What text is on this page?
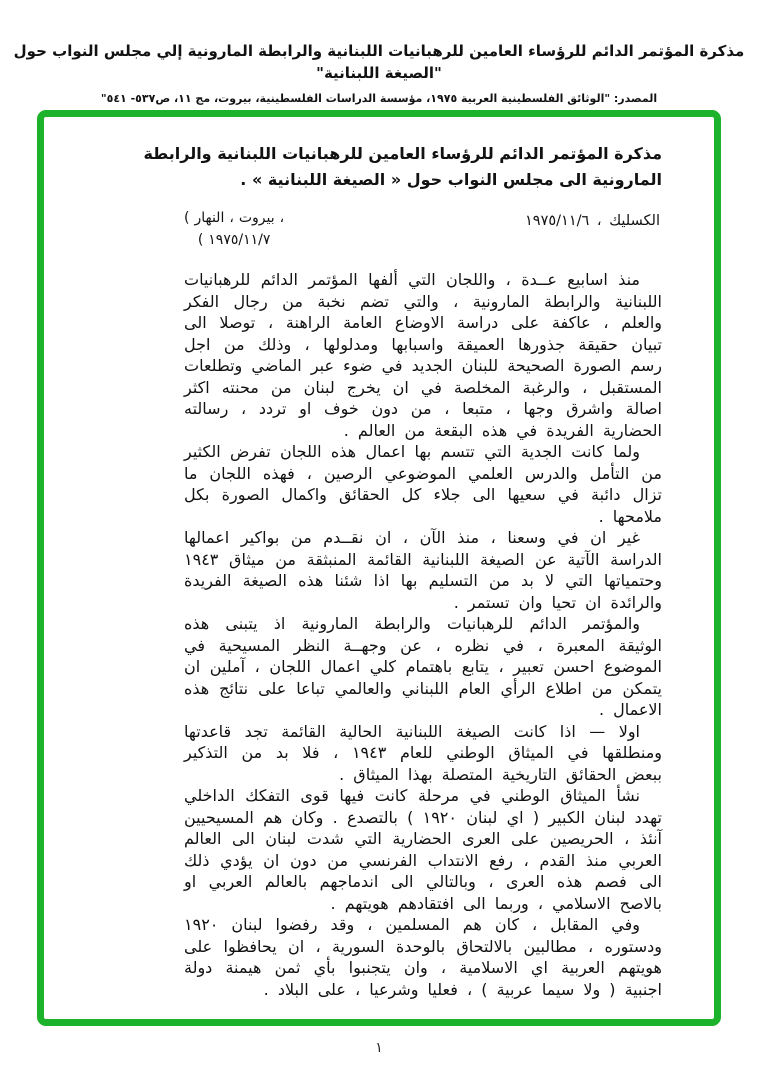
مذكرة المؤتمر الدائم للرؤساء العامين للرهبانيات اللبنانية والرابطة المارونية إلي مجلس النواب حول "الصيغة اللبنانية"
المصدر: "الوثائق الفلسطينية العربية ١٩٧٥، مؤسسة الدراسات الفلسطينية، بيروت، مج ١١، ص٥٣٧- ٥٤١"
مذكرة المؤتمر الدائم للرؤساء العامين للرهبانيات اللبنانية والرابطة
المارونية الى مجلس النواب حول « الصيغة اللبنانية » .
الكسليك ، ١٩٧٥/١١/٦
( النهار ، بيروت ،
( ١٩٧٥/١١/٧

منذ اسابيع عــدة ، واللجان التي ألفها المؤتمر الدائم للرهبانيات اللبنانية والرابطة المارونية ، والتي تضم نخبة من رجال الفكر والعلم ، عاكفة على دراسة الاوضاع العامة الراهنة ، توصلا الى تبيان حقيقة جذورها العميقة واسبابها ومدلولها ، وذلك من اجل رسم الصورة الصحيحة للبنان الجديد في ضوء عبر الماضي وتطلعات المستقبل ، والرغبة المخلصة في ان يخرج لبنان من محنته اكثر اصالة واشرق وجها ، متبعا ، من دون خوف او تردد ، رسالته الحضارية الفريدة في هذه البقعة من العالم .

ولما كانت الجدية التي تتسم بها اعمال هذه اللجان تفرض الكثير من التأمل والدرس العلمي الموضوعي الرصين ، فهذه اللجان ما تزال دائبة في سعيها الى جلاء كل الحقائق واكمال الصورة بكل ملامحها .

غير ان في وسعنا ، منذ الآن ، ان نقــدم من بواكير اعمالها الدراسة الآتية عن الصيغة اللبنانية القائمة المنبثقة من ميثاق ١٩٤٣ وحتمياتها التي لا بد من التسليم بها اذا شئنا هذه الصيغة الفريدة والرائدة ان تحيا وان تستمر .

والمؤتمر الدائم للرهبانيات والرابطة المارونية اذ يتبنى هذه الوثيقة المعبرة ، في نظره ، عن وجهــة النظر المسيحية في الموضوع احسن تعبير ، يتابع باهتمام كلي اعمال اللجان ، آملين ان يتمكن من اطلاع الرأي العام اللبناني والعالمي تباعا على نتائج هذه الاعمال .

اولا — اذا كانت الصيغة اللبنانية الحالية القائمة تجد قاعدتها ومنطلقها في الميثاق الوطني للعام ١٩٤٣ ، فلا بد من التذكير ببعض الحقائق التاريخية المتصلة بهذا الميثاق .

نشأ الميثاق الوطني في مرحلة كانت فيها قوى التفكك الداخلي تهدد لبنان الكبير ( اي لبنان ١٩٢٠ ) بالتصدع . وكان هم المسيحيين آنئذ ، الحريصين على العرى الحضارية التي شدت لبنان الى العالم العربي منذ القدم ، رفع الانتداب الفرنسي من دون ان يؤدي ذلك الى فصم هذه العرى ، وبالتالي الى اندماجهم بالعالم العربي او بالاصح الاسلامي ، وربما الى افتقادهم هويتهم .

وفي المقابل ، كان هم المسلمين ، وقد رفضوا لبنان ١٩٢٠ ودستوره ، مطالبين بالالتحاق بالوحدة السورية ، ان يحافظوا على هويتهم العربية اي الاسلامية ، وان يتجنبوا بأي ثمن هيمنة دولة اجنبية ( ولا سيما عربية ) ، فعليا وشرعيا ، على البلاد .

١
